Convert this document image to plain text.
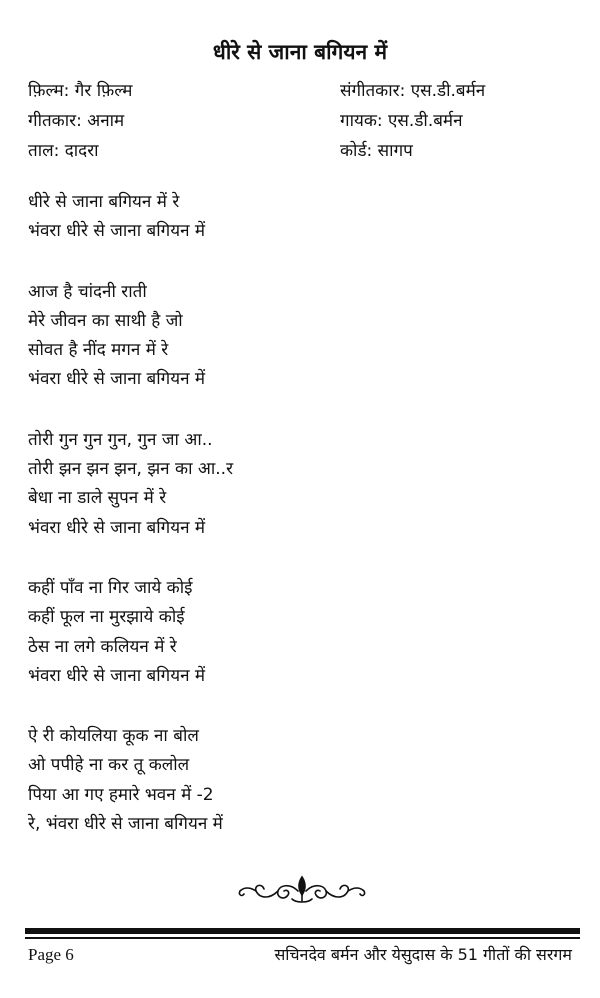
धीरे से जाना बगियन में
फ़िल्म: गैर फ़िल्म
गीतकार: अनाम
ताल: दादरा
संगीतकार: एस.डी.बर्मन
गायक: एस.डी.बर्मन
कोर्ड: सागप
धीरे से जाना बगियन में रे
भंवरा धीरे से जाना बगियन में
आज है चांदनी राती
मेरे जीवन का साथी है जो
सोवत है नींद मगन में रे
भंवरा धीरे से जाना बगियन में
तोरी गुन गुन गुन, गुन जा आ..
तोरी झन झन झन, झन का आ..र
बेधा ना डाले सुपन में रे
भंवरा धीरे से जाना बगियन में
कहीं पाँव ना गिर जाये कोई
कहीं फूल ना मुरझाये कोई
ठेस ना लगे कलियन में रे
भंवरा धीरे से जाना बगियन में
ऐ री कोयलिया कूक ना बोल
ओ पपीहे ना कर तू कलोल
पिया आ गए हमारे भवन में -2
रे, भंवरा धीरे से जाना बगियन में
Page 6	सचिनदेव बर्मन और येसुदास के 51 गीतों की सरगम
